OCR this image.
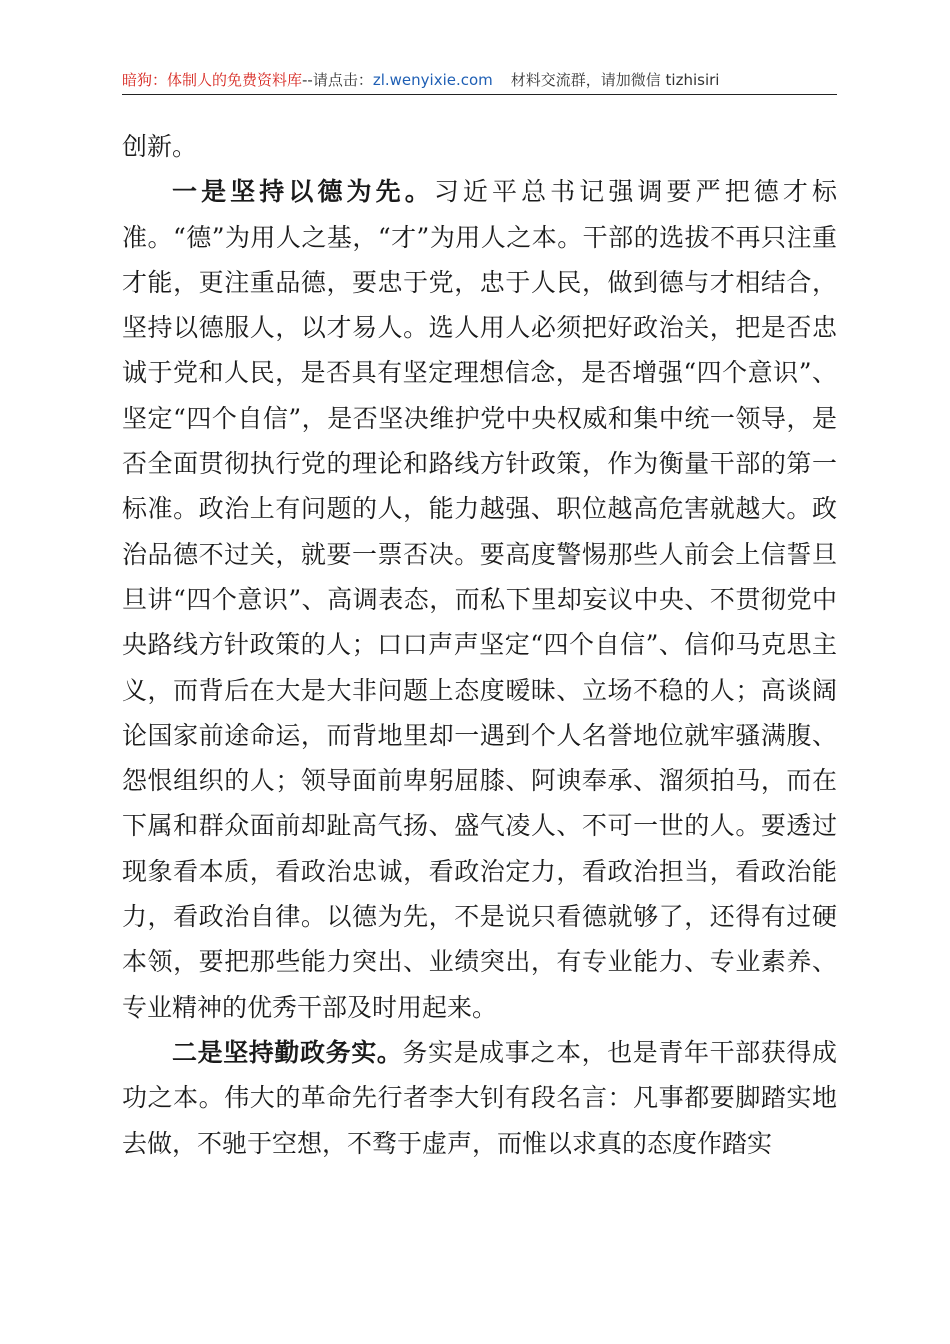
暗狗：体制人的免费资料库--请点击：zl.wenyixie.com 材料交流群，请加微信 tizhisiri

创新。

一是坚持以德为先。习近平总书记强调要严把德才标准。“德”为用人之基，“才”为用人之本。干部的选拔不再只注重才能，更注重品德，要忠于党，忠于人民，做到德与才相结合，坚持以德服人，以才易人。选人用人必须把好政治关，把是否忠诚于党和人民，是否具有坚定理想信念，是否增强“四个意识”、坚定“四个自信”，是否坚决维护党中央权威和集中统一领导，是否全面贯彻执行党的理论和路线方针政策，作为衡量干部的第一标准。政治上有问题的人，能力越强、职位越高危害就越大。政治品德不过关，就要一票否决。要高度警惕那些人前会上信誓旦旦讲“四个意识”、高调表态，而私下里却妄议中央、不贯彻党中央路线方针政策的人；口口声声坚定“四个自信”、信仰马克思主义，而背后在大是大非问题上态度暧昧、立场不稳的人；高谈阔论国家前途命运，而背地里却一遇到个人名誉地位就牢骚满腹、怨恨组织的人；领导面前卑躬屈膝、阿谀奉承、溜须拍马，而在下属和群众面前却趾高气扬、盛气凌人、不可一世的人。要透过现象看本质，看政治忠诚，看政治定力，看政治担当，看政治能力，看政治自律。以德为先，不是说只看德就够了，还得有过硬本领，要把那些能力突出、业绩突出，有专业能力、专业素养、专业精神的优秀干部及时用起来。

二是坚持勤政务实。务实是成事之本，也是青年干部获得成功之本。伟大的革命先行者李大钊有段名言：凡事都要脚踏实地去做，不驰于空想，不骛于虚声，而惟以求真的态度作踏实
